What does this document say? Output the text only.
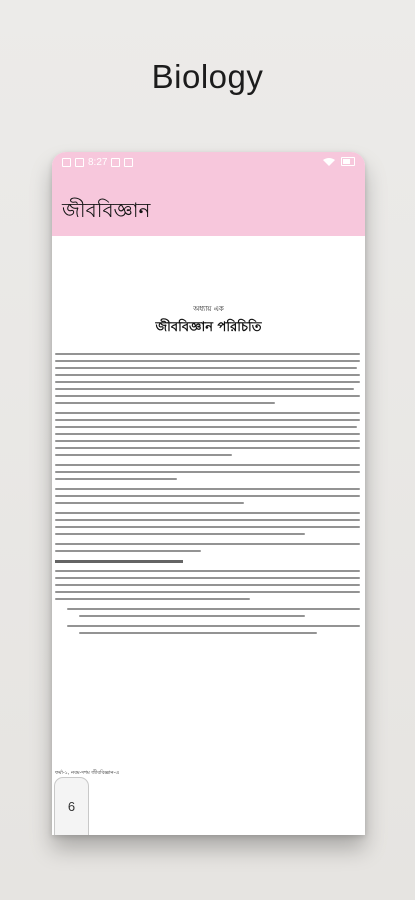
Biology
8:27
জীববিজ্ঞান
অধ্যায় এক
জীববিজ্ঞান পরিচিতি
ফর্মা-১, নবম-দশম জীববিজ্ঞান-এ
6
